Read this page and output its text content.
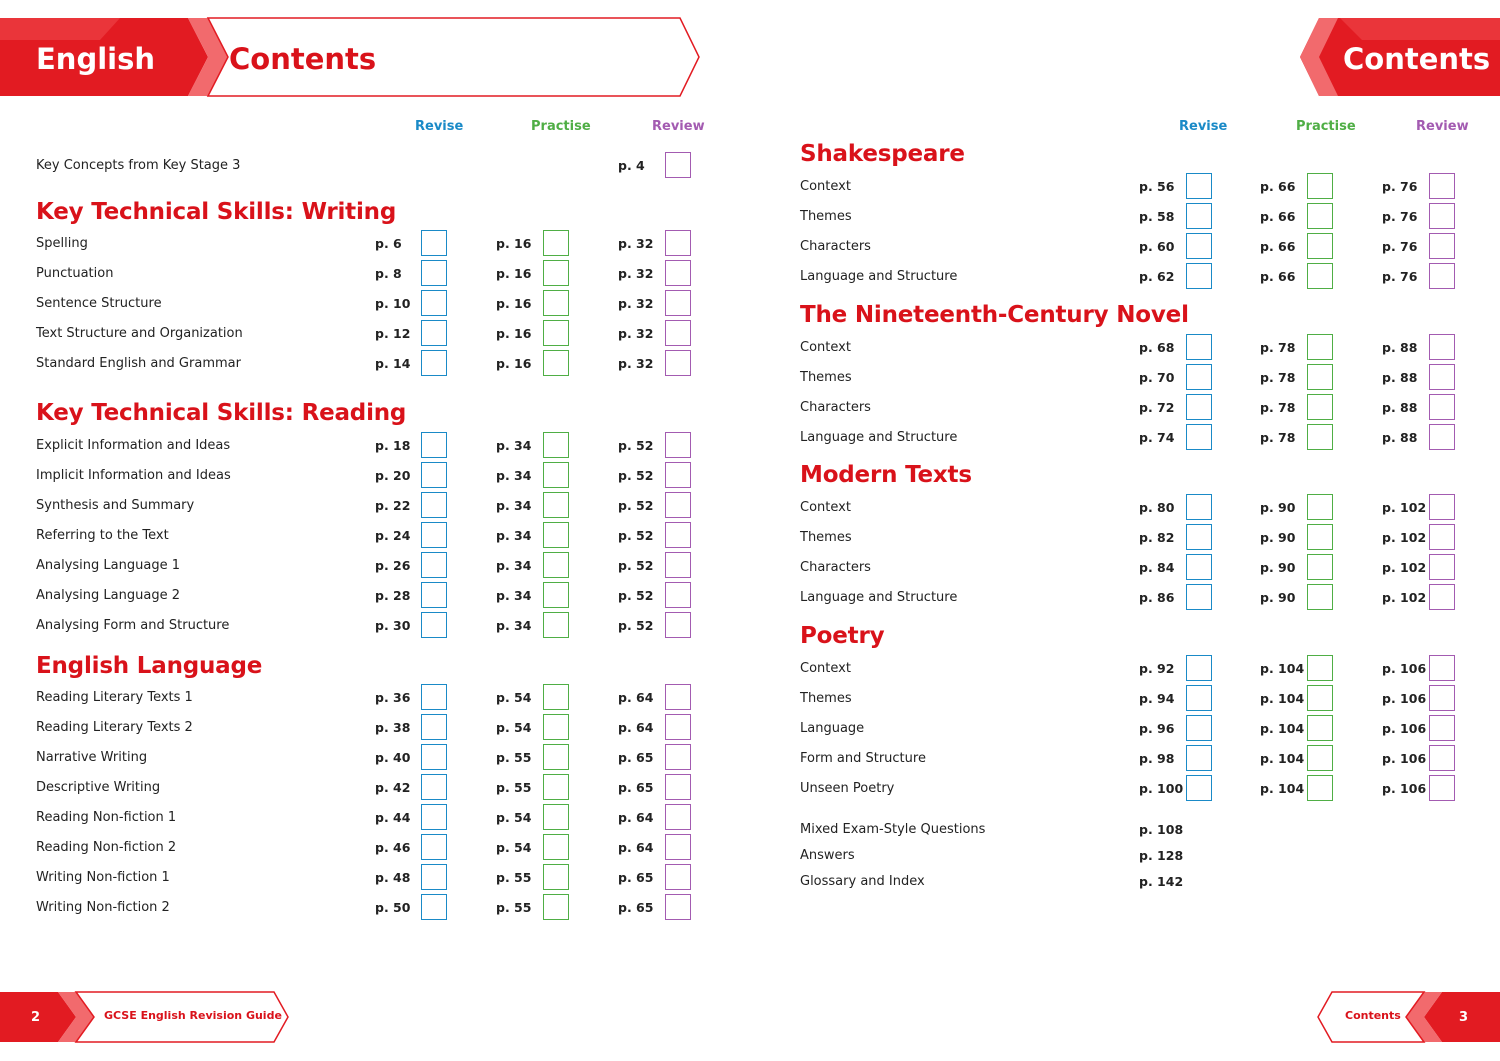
English	Contents	Contents
Revise	Practise	Review	Revise	Practise	Review
Key Concepts from Key Stage 3	p. 4
Key Technical Skills: Writing
Key Technical Skills: Reading
English Language
Shakespeare
The Nineteenth-Century Novel
Modern Texts
Poetry
Spelling	p. 6	p. 16	p. 32
Punctuation	p. 8	p. 16	p. 32
Sentence Structure	p. 10	p. 16	p. 32
Text Structure and Organization	p. 12	p. 16	p. 32
Standard English and Grammar	p. 14	p. 16	p. 32
Explicit Information and Ideas	p. 18	p. 34	p. 52
Implicit Information and Ideas	p. 20	p. 34	p. 52
Synthesis and Summary	p. 22	p. 34	p. 52
Referring to the Text	p. 24	p. 34	p. 52
Analysing Language 1	p. 26	p. 34	p. 52
Analysing Language 2	p. 28	p. 34	p. 52
Analysing Form and Structure	p. 30	p. 34	p. 52
Reading Literary Texts 1	p. 36	p. 54	p. 64
Reading Literary Texts 2	p. 38	p. 54	p. 64
Narrative Writing	p. 40	p. 55	p. 65
Descriptive Writing	p. 42	p. 55	p. 65
Reading Non-fiction 1	p. 44	p. 54	p. 64
Reading Non-fiction 2	p. 46	p. 54	p. 64
Writing Non-fiction 1	p. 48	p. 55	p. 65
Writing Non-fiction 2	p. 50	p. 55	p. 65
Context	p. 56	p. 66	p. 76
Themes	p. 58	p. 66	p. 76
Characters	p. 60	p. 66	p. 76
Language and Structure	p. 62	p. 66	p. 76
Context	p. 68	p. 78	p. 88
Themes	p. 70	p. 78	p. 88
Characters	p. 72	p. 78	p. 88
Language and Structure	p. 74	p. 78	p. 88
Context	p. 80	p. 90	p. 102
Themes	p. 82	p. 90	p. 102
Characters	p. 84	p. 90	p. 102
Language and Structure	p. 86	p. 90	p. 102
Context	p. 92	p. 104	p. 106
Themes	p. 94	p. 104	p. 106
Language	p. 96	p. 104	p. 106
Form and Structure	p. 98	p. 104	p. 106
Unseen Poetry	p. 100	p. 104	p. 106
Mixed Exam-Style Questions	p. 108
Answers	p. 128
Glossary and Index	p. 142
2	GCSE English Revision Guide	Contents	3
